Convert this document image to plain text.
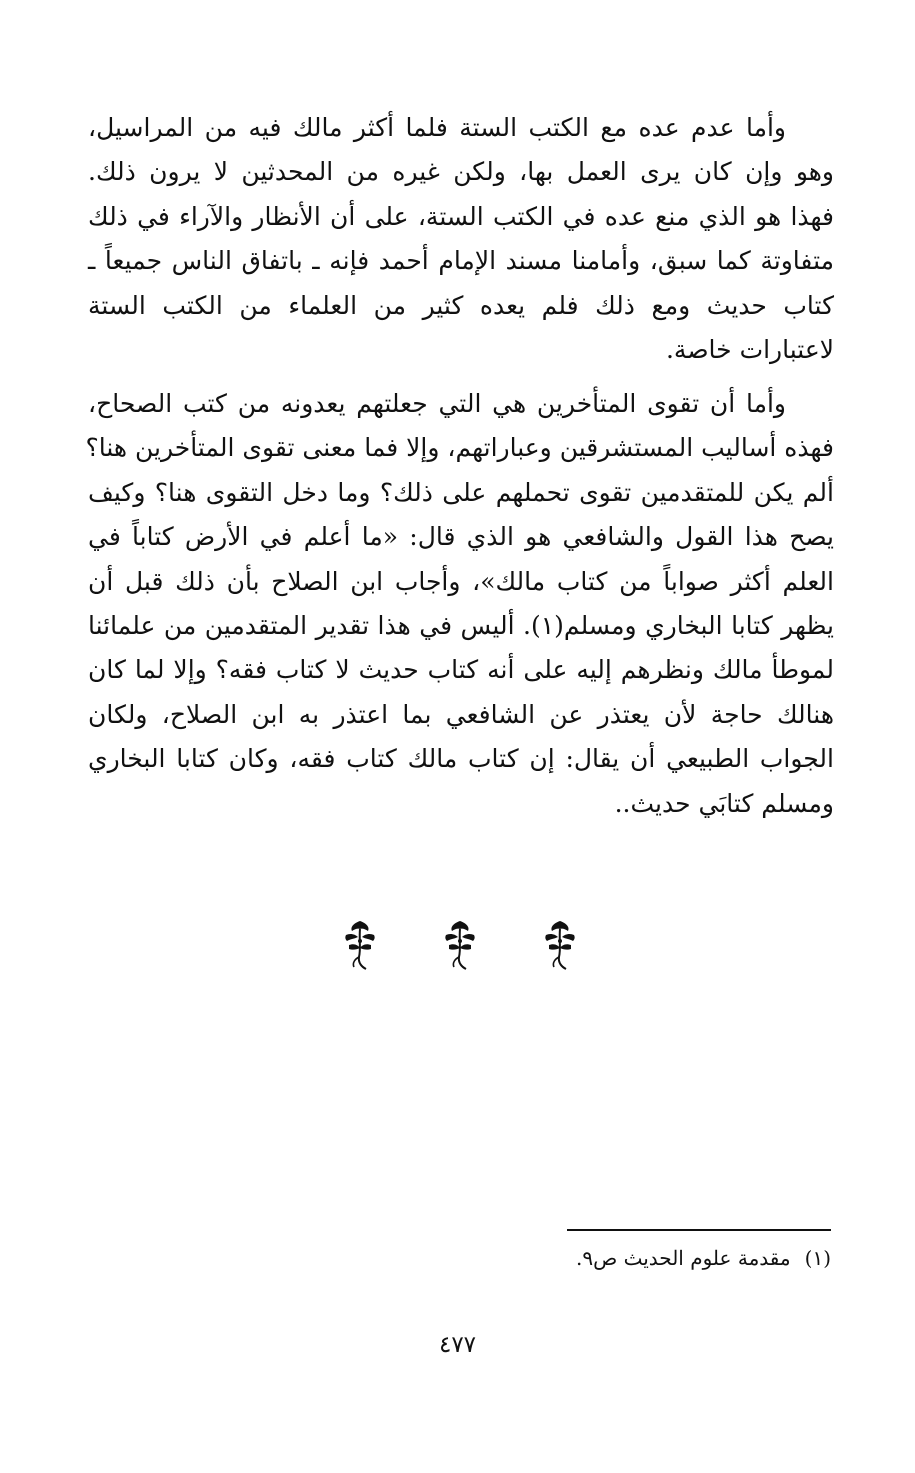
وأما عدم عده مع الكتب الستة فلما أكثر مالك فيه من المراسيل،
وهو وإن كان يرى العمل بها، ولكن غيره من المحدثين لا يرون ذلك.
فهذا هو الذي منع عده في الكتب الستة، على أن الأنظار والآراء في ذلك
متفاوتة كما سبق، وأمامنا مسند الإمام أحمد فإنه ـ باتفاق الناس جميعاً ـ
كتاب حديث ومع ذلك فلم يعده كثير من العلماء من الكتب الستة
لاعتبارات خاصة.
وأما أن تقوى المتأخرين هي التي جعلتهم يعدونه من كتب الصحاح،
فهذه أساليب المستشرقين وعباراتهم، وإلا فما معنى تقوى المتأخرين هنا؟
ألم يكن للمتقدمين تقوى تحملهم على ذلك؟ وما دخل التقوى هنا؟ وكيف
يصح هذا القول والشافعي هو الذي قال: «ما أعلم في الأرض كتاباً في
العلم أكثر صواباً من كتاب مالك»، وأجاب ابن الصلاح بأن ذلك قبل أن
يظهر كتابا البخاري ومسلم(١). أليس في هذا تقدير المتقدمين من علمائنا
لموطأ مالك ونظرهم إليه على أنه كتاب حديث لا كتاب فقه؟ وإلا لما كان
هنالك حاجة لأن يعتذر عن الشافعي بما اعتذر به ابن الصلاح، ولكان
الجواب الطبيعي أن يقال: إن كتاب مالك كتاب فقه، وكان كتابا البخاري
ومسلم كتابَي حديث..
(١)مقدمة علوم الحديث ص٩.
٤٧٧
